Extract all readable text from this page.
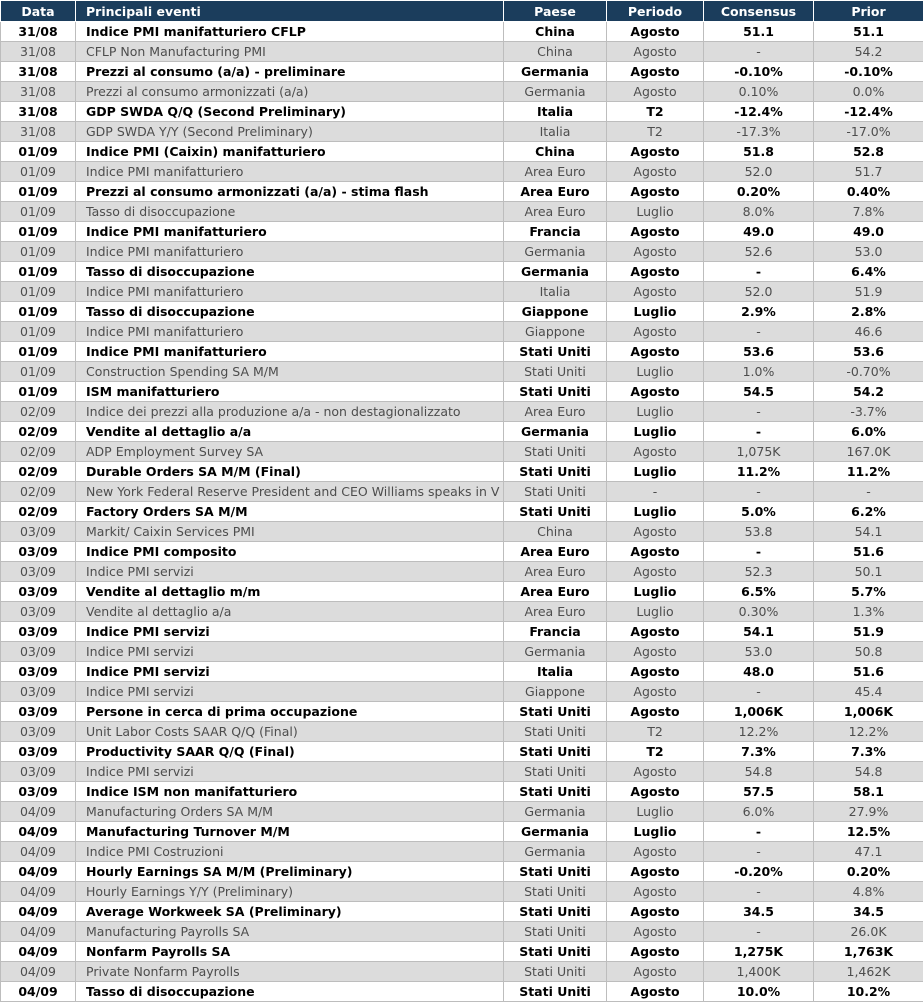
Data	Principali eventi	Paese	Periodo	Consensus	Prior
31/08	Indice PMI manifatturiero CFLP	China	Agosto	51.1	51.1
31/08	CFLP Non Manufacturing PMI	China	Agosto	-	54.2
31/08	Prezzi al consumo (a/a) - preliminare	Germania	Agosto	-0.10%	-0.10%
31/08	Prezzi al consumo armonizzati (a/a)	Germania	Agosto	0.10%	0.0%
31/08	GDP SWDA Q/Q (Second Preliminary)	Italia	T2	-12.4%	-12.4%
31/08	GDP SWDA Y/Y (Second Preliminary)	Italia	T2	-17.3%	-17.0%
01/09	Indice PMI (Caixin) manifatturiero	China	Agosto	51.8	52.8
01/09	Indice PMI manifatturiero	Area Euro	Agosto	52.0	51.7
01/09	Prezzi al consumo armonizzati (a/a) - stima flash	Area Euro	Agosto	0.20%	0.40%
01/09	Tasso di disoccupazione	Area Euro	Luglio	8.0%	7.8%
01/09	Indice PMI manifatturiero	Francia	Agosto	49.0	49.0
01/09	Indice PMI manifatturiero	Germania	Agosto	52.6	53.0
01/09	Tasso di disoccupazione	Germania	Agosto	-	6.4%
01/09	Indice PMI manifatturiero	Italia	Agosto	52.0	51.9
01/09	Tasso di disoccupazione	Giappone	Luglio	2.9%	2.8%
01/09	Indice PMI manifatturiero	Giappone	Agosto	-	46.6
01/09	Indice PMI manifatturiero	Stati Uniti	Agosto	53.6	53.6
01/09	Construction Spending SA M/M	Stati Uniti	Luglio	1.0%	-0.70%
01/09	ISM manifatturiero	Stati Uniti	Agosto	54.5	54.2
02/09	Indice dei prezzi alla produzione a/a - non destagionalizzato	Area Euro	Luglio	-	-3.7%
02/09	Vendite al dettaglio a/a	Germania	Luglio	-	6.0%
02/09	ADP Employment Survey SA	Stati Uniti	Agosto	1,075K	167.0K
02/09	Durable Orders SA M/M (Final)	Stati Uniti	Luglio	11.2%	11.2%
02/09	New York Federal Reserve President and CEO Williams speaks in V	Stati Uniti	-	-	-
02/09	Factory Orders SA M/M	Stati Uniti	Luglio	5.0%	6.2%
03/09	Markit/ Caixin Services PMI	China	Agosto	53.8	54.1
03/09	Indice PMI composito	Area Euro	Agosto	-	51.6
03/09	Indice PMI servizi	Area Euro	Agosto	52.3	50.1
03/09	Vendite al dettaglio m/m	Area Euro	Luglio	6.5%	5.7%
03/09	Vendite al dettaglio a/a	Area Euro	Luglio	0.30%	1.3%
03/09	Indice PMI servizi	Francia	Agosto	54.1	51.9
03/09	Indice PMI servizi	Germania	Agosto	53.0	50.8
03/09	Indice PMI servizi	Italia	Agosto	48.0	51.6
03/09	Indice PMI servizi	Giappone	Agosto	-	45.4
03/09	Persone in cerca di prima occupazione	Stati Uniti	Agosto	1,006K	1,006K
03/09	Unit Labor Costs SAAR Q/Q (Final)	Stati Uniti	T2	12.2%	12.2%
03/09	Productivity SAAR Q/Q (Final)	Stati Uniti	T2	7.3%	7.3%
03/09	Indice PMI servizi	Stati Uniti	Agosto	54.8	54.8
03/09	Indice ISM non manifatturiero	Stati Uniti	Agosto	57.5	58.1
04/09	Manufacturing Orders SA M/M	Germania	Luglio	6.0%	27.9%
04/09	Manufacturing Turnover M/M	Germania	Luglio	-	12.5%
04/09	Indice PMI Costruzioni	Germania	Agosto	-	47.1
04/09	Hourly Earnings SA M/M (Preliminary)	Stati Uniti	Agosto	-0.20%	0.20%
04/09	Hourly Earnings Y/Y (Preliminary)	Stati Uniti	Agosto	-	4.8%
04/09	Average Workweek SA (Preliminary)	Stati Uniti	Agosto	34.5	34.5
04/09	Manufacturing Payrolls SA	Stati Uniti	Agosto	-	26.0K
04/09	Nonfarm Payrolls SA	Stati Uniti	Agosto	1,275K	1,763K
04/09	Private Nonfarm Payrolls	Stati Uniti	Agosto	1,400K	1,462K
04/09	Tasso di disoccupazione	Stati Uniti	Agosto	10.0%	10.2%
